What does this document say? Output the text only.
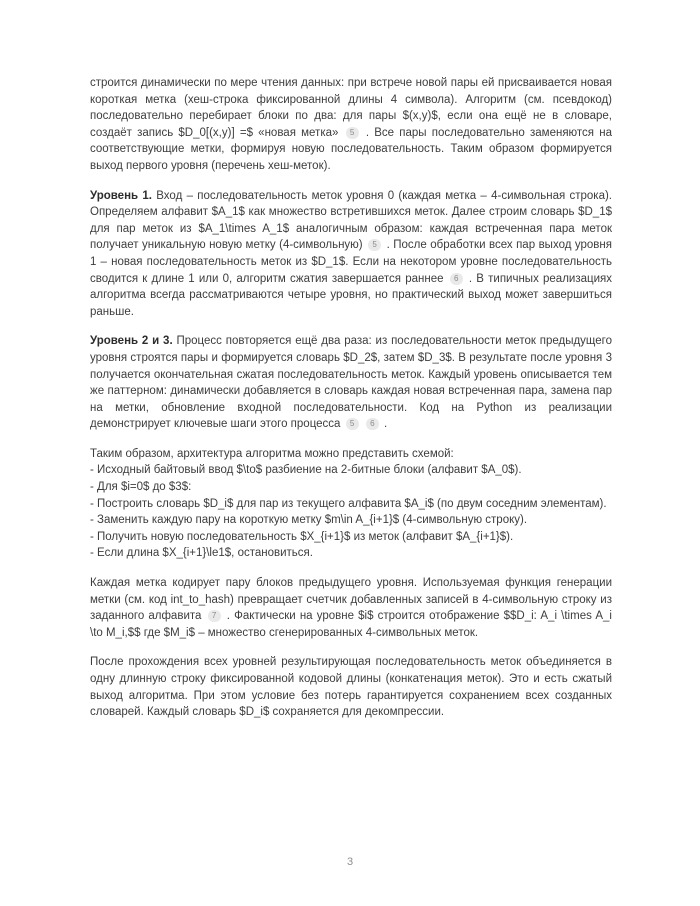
строится динамически по мере чтения данных: при встрече новой пары ей присваивается новая короткая метка (хеш-строка фиксированной длины 4 символа). Алгоритм (см. псевдокод) последовательно перебирает блоки по два: для пары $(x,y)$, если она ещё не в словаре, создаёт запись $D_0[(x,y)] =$ «новая метка» 5 . Все пары последовательно заменяются на соответствующие метки, формируя новую последовательность. Таким образом формируется выход первого уровня (перечень хеш-меток).

Уровень 1. Вход – последовательность меток уровня 0 (каждая метка – 4-символьная строка). Определяем алфавит $A_1$ как множество встретившихся меток. Далее строим словарь $D_1$ для пар меток из $A_1\times A_1$ аналогичным образом: каждая встреченная пара меток получает уникальную новую метку (4-символьную) 5 . После обработки всех пар выход уровня 1 – новая последовательность меток из $D_1$. Если на некотором уровне последовательность сводится к длине 1 или 0, алгоритм сжатия завершается раннее 6 . В типичных реализациях алгоритма всегда рассматриваются четыре уровня, но практический выход может завершиться раньше.

Уровень 2 и 3. Процесс повторяется ещё два раза: из последовательности меток предыдущего уровня строятся пары и формируется словарь $D_2$, затем $D_3$. В результате после уровня 3 получается окончательная сжатая последовательность меток. Каждый уровень описывается тем же паттерном: динамически добавляется в словарь каждая новая встреченная пара, замена пар на метки, обновление входной последовательности. Код на Python из реализации демонстрирует ключевые шаги этого процесса 5 6 .

Таким образом, архитектура алгоритма можно представить схемой:
- Исходный байтовый ввод $\to$ разбиение на 2-битные блоки (алфавит $A_0$).
- Для $i=0$ до $3$:
- Построить словарь $D_i$ для пар из текущего алфавита $A_i$ (по двум соседним элементам).
- Заменить каждую пару на короткую метку $m\in A_{i+1}$ (4-символьную строку).
- Получить новую последовательность $X_{i+1}$ из меток (алфавит $A_{i+1}$).
- Если длина $X_{i+1}\le1$, остановиться.

Каждая метка кодирует пару блоков предыдущего уровня. Используемая функция генерации метки (см. код int_to_hash) превращает счетчик добавленных записей в 4-символьную строку из заданного алфавита 7 . Фактически на уровне $i$ строится отображение $$D_i: A_i \times A_i \to M_i,$$ где $M_i$ – множество сгенерированных 4-символьных меток.

После прохождения всех уровней результирующая последовательность меток объединяется в одну длинную строку фиксированной кодовой длины (конкатенация меток). Это и есть сжатый выход алгоритма. При этом условие без потерь гарантируется сохранением всех созданных словарей. Каждый словарь $D_i$ сохраняется для декомпрессии.

3
